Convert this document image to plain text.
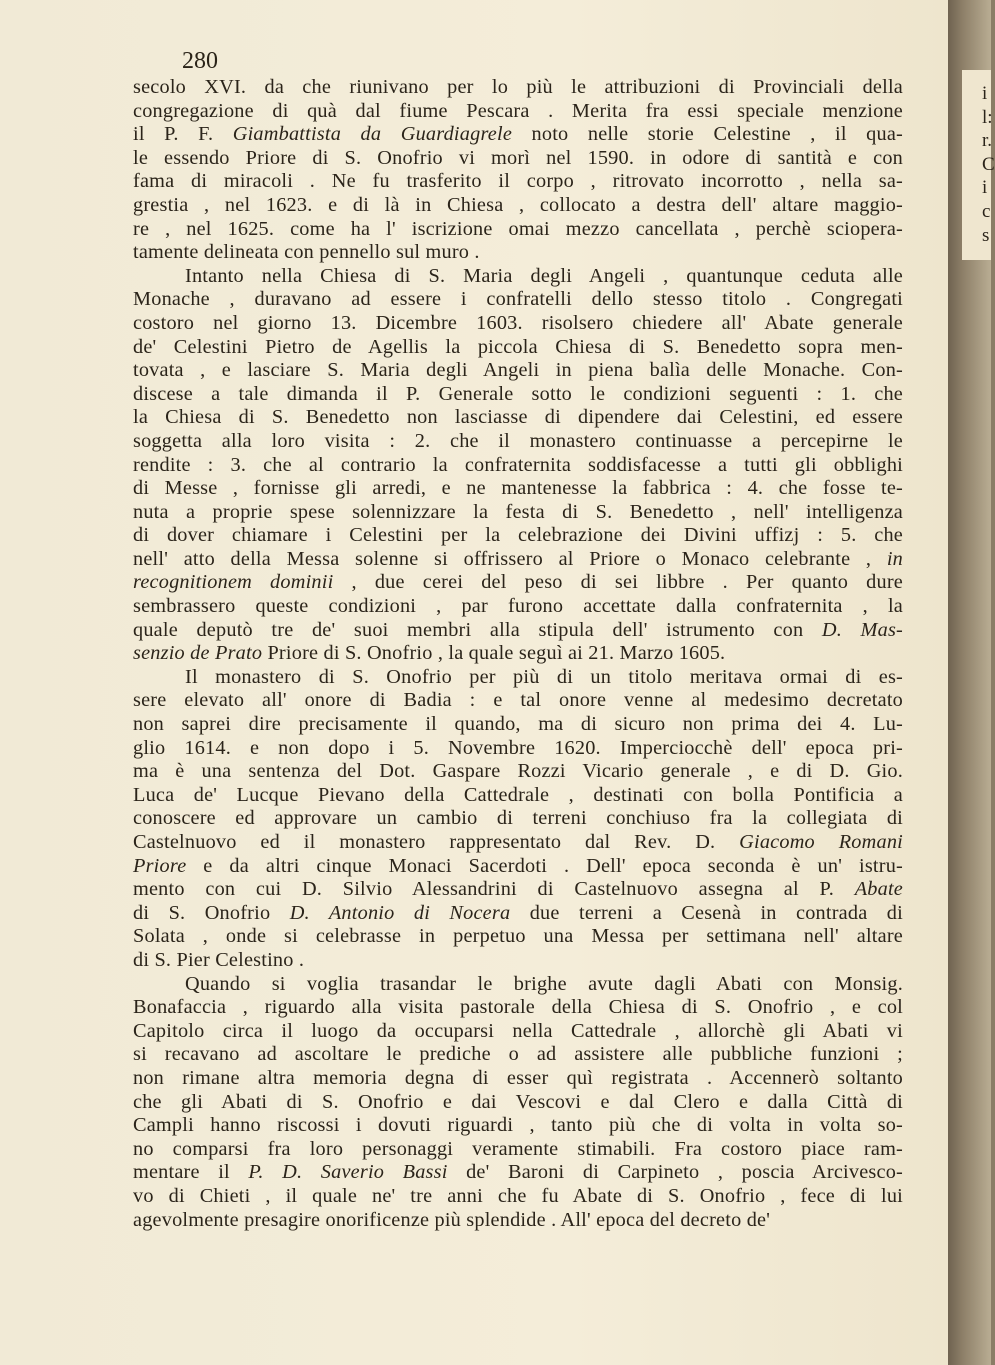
280
secolo XVI. da che riunivano per lo più le attribuzioni di Provinciali della
congregazione di quà dal fiume Pescara . Merita fra essi speciale menzione
il P. F. Giambattista da Guardiagrele noto nelle storie Celestine , il qua-
le essendo Priore di S. Onofrio vi morì nel 1590. in odore di santità e con
fama di miracoli . Ne fu trasferito il corpo , ritrovato incorrotto , nella sa-
grestia , nel 1623. e di là in Chiesa , collocato a destra dell' altare maggio-
re , nel 1625. come ha l' iscrizione omai mezzo cancellata , perchè sciopera-
tamente delineata con pennello sul muro .
Intanto nella Chiesa di S. Maria degli Angeli , quantunque ceduta alle
Monache , duravano ad essere i confratelli dello stesso titolo . Congregati
costoro nel giorno 13. Dicembre 1603. risolsero chiedere all' Abate generale
de' Celestini Pietro de Agellis la piccola Chiesa di S. Benedetto sopra men-
tovata , e lasciare S. Maria degli Angeli in piena balìa delle Monache. Con-
discese a tale dimanda il P. Generale sotto le condizioni seguenti : 1. che
la Chiesa di S. Benedetto non lasciasse di dipendere dai Celestini, ed essere
soggetta alla loro visita : 2. che il monastero continuasse a percepirne le
rendite : 3. che al contrario la confraternita soddisfacesse a tutti gli obblighi
di Messe , fornisse gli arredi, e ne mantenesse la fabbrica : 4. che fosse te-
nuta a proprie spese solennizzare la festa di S. Benedetto , nell' intelligenza
di dover chiamare i Celestini per la celebrazione dei Divini uffizj : 5. che
nell' atto della Messa solenne si offrissero al Priore o Monaco celebrante , in
recognitionem dominii , due cerei del peso di sei libbre . Per quanto dure
sembrassero queste condizioni , par furono accettate dalla confraternita , la
quale deputò tre de' suoi membri alla stipula dell' istrumento con D. Mas-
senzio de Prato Priore di S. Onofrio , la quale seguì ai 21. Marzo 1605.
Il monastero di S. Onofrio per più di un titolo meritava ormai di es-
sere elevato all' onore di Badia : e tal onore venne al medesimo decretato
non saprei dire precisamente il quando, ma di sicuro non prima dei 4. Lu-
glio 1614. e non dopo i 5. Novembre 1620. Imperciocchè dell' epoca pri-
ma è una sentenza del Dot. Gaspare Rozzi Vicario generale , e di D. Gio.
Luca de' Lucque Pievano della Cattedrale , destinati con bolla Pontificia a
conoscere ed approvare un cambio di terreni conchiuso fra la collegiata di
Castelnuovo ed il monastero rappresentato dal Rev. D. Giacomo Romani
Priore e da altri cinque Monaci Sacerdoti . Dell' epoca seconda è un' istru-
mento con cui D. Silvio Alessandrini di Castelnuovo assegna al P. Abate
di S. Onofrio D. Antonio di Nocera due terreni a Cesenà in contrada di
Solata , onde si celebrasse in perpetuo una Messa per settimana nell' altare
di S. Pier Celestino .
Quando si voglia trasandar le brighe avute dagli Abati con Monsig.
Bonafaccia , riguardo alla visita pastorale della Chiesa di S. Onofrio , e col
Capitolo circa il luogo da occuparsi nella Cattedrale , allorchè gli Abati vi
si recavano ad ascoltare le prediche o ad assistere alle pubbliche funzioni ;
non rimane altra memoria degna di esser quì registrata . Accennerò soltanto
che gli Abati di S. Onofrio e dai Vescovi e dal Clero e dalla Città di
Campli hanno riscossi i dovuti riguardi , tanto più che di volta in volta so-
no comparsi fra loro personaggi veramente stimabili. Fra costoro piace ram-
mentare il P. D. Saverio Bassi de' Baroni di Carpineto , poscia Arcivesco-
vo di Chieti , il quale ne' tre anni che fu Abate di S. Onofrio , fece di lui
agevolmente presagire onorificenze più splendide . All' epoca del decreto de'
i
l:
r.
C
i
c
s
